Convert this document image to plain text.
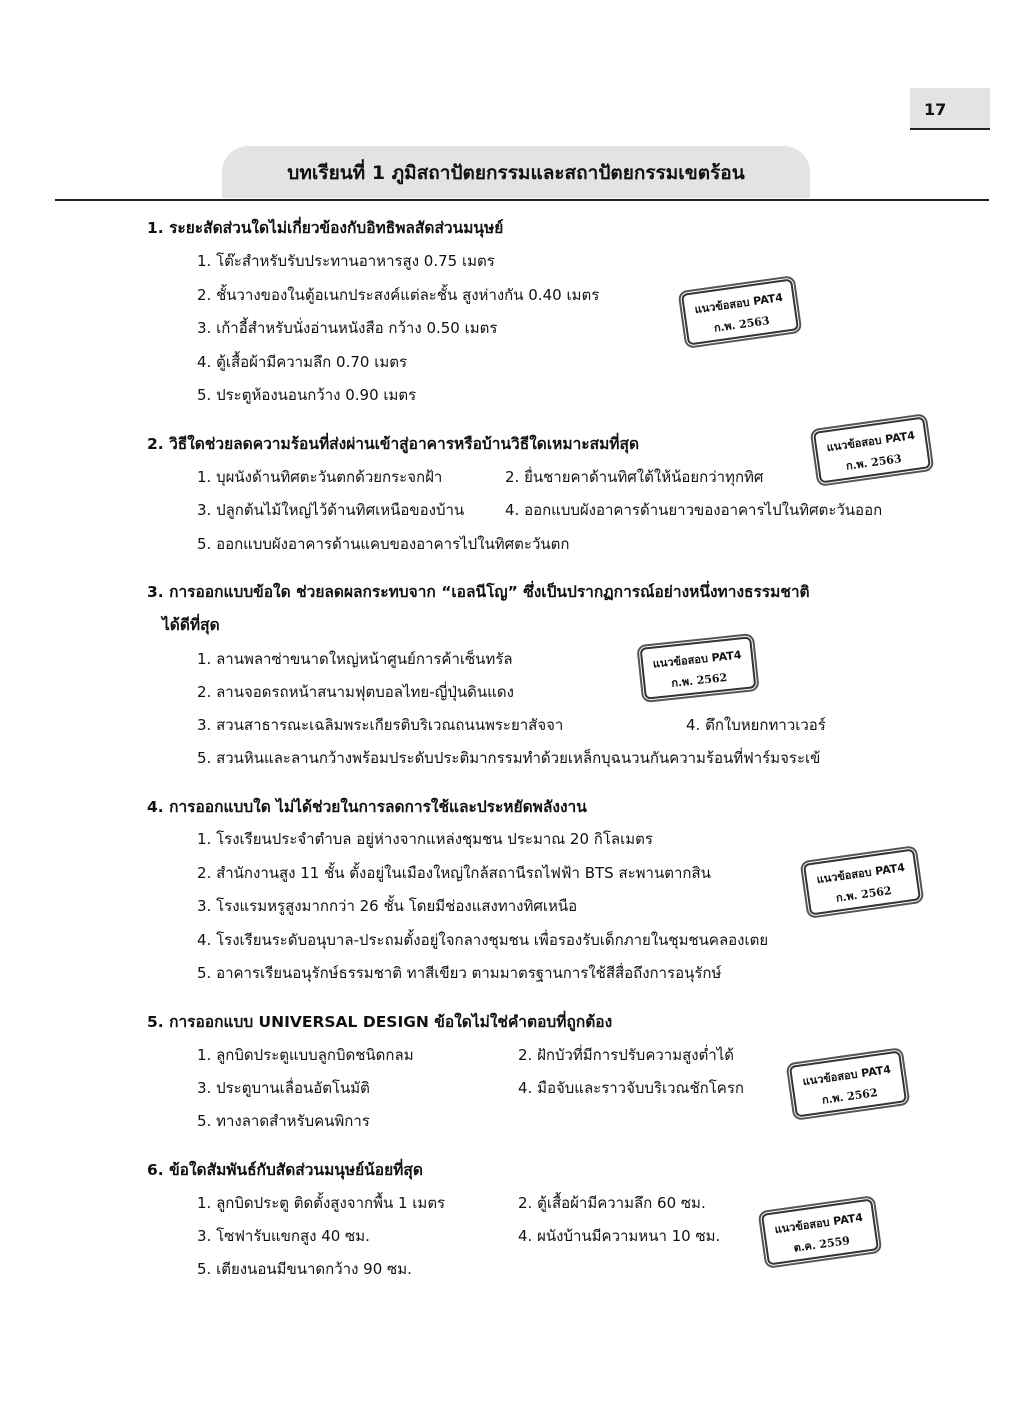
17
บทเรียนที่ 1 ภูมิสถาปัตยกรรมและสถาปัตยกรรมเขตร้อน
1. ระยะสัดส่วนใดไม่เกี่ยวข้องกับอิทธิพลสัดส่วนมนุษย์
1. โต๊ะสำหรับรับประทานอาหารสูง 0.75 เมตร
2. ชั้นวางของในตู้อเนกประสงค์แต่ละชั้น สูงห่างกัน 0.40 เมตร
3. เก้าอี้สำหรับนั่งอ่านหนังสือ กว้าง 0.50 เมตร
4. ตู้เสื้อผ้ามีความลึก 0.70 เมตร
5. ประตูห้องนอนกว้าง 0.90 เมตร
แนวข้อสอบ PAT4
ก.พ. 2563
2. วิธีใดช่วยลดความร้อนที่ส่งผ่านเข้าสู่อาคารหรือบ้านวิธีใดเหมาะสมที่สุด
1. บุผนังด้านทิศตะวันตกด้วยกระจกฝ้า	2. ยื่นชายคาด้านทิศใต้ให้น้อยกว่าทุกทิศ
3. ปลูกต้นไม้ใหญ่ไว้ด้านทิศเหนือของบ้าน	4. ออกแบบผังอาคารด้านยาวของอาคารไปในทิศตะวันออก
5. ออกแบบผังอาคารด้านแคบของอาคารไปในทิศตะวันตก
แนวข้อสอบ PAT4
ก.พ. 2563
3. การออกแบบข้อใด ช่วยลดผลกระทบจาก “เอลนีโญ” ซึ่งเป็นปรากฏการณ์อย่างหนึ่งทางธรรมชาติ
ได้ดีที่สุด
1. ลานพลาซ่าขนาดใหญ่หน้าศูนย์การค้าเซ็นทรัล
2. ลานจอดรถหน้าสนามฟุตบอลไทย-ญี่ปุ่นดินแดง
3. สวนสาธารณะเฉลิมพระเกียรติบริเวณถนนพระยาสัจจา	4. ตึกใบหยกทาวเวอร์
5. สวนหินและลานกว้างพร้อมประดับประติมากรรมทำด้วยเหล็กบุฉนวนกันความร้อนที่ฟาร์มจระเข้
แนวข้อสอบ PAT4
ก.พ. 2562
4. การออกแบบใด ไม่ได้ช่วยในการลดการใช้และประหยัดพลังงาน
1. โรงเรียนประจำตำบล อยู่ห่างจากแหล่งชุมชน ประมาณ 20 กิโลเมตร
2. สำนักงานสูง 11 ชั้น ตั้งอยู่ในเมืองใหญ่ใกล้สถานีรถไฟฟ้า BTS สะพานตากสิน
3. โรงแรมหรูสูงมากกว่า 26 ชั้น โดยมีช่องแสงทางทิศเหนือ
4. โรงเรียนระดับอนุบาล-ประถมตั้งอยู่ใจกลางชุมชน เพื่อรองรับเด็กภายในชุมชนคลองเตย
5. อาคารเรียนอนุรักษ์ธรรมชาติ ทาสีเขียว ตามมาตรฐานการใช้สีสื่อถึงการอนุรักษ์
แนวข้อสอบ PAT4
ก.พ. 2562
5. การออกแบบ UNIVERSAL DESIGN ข้อใดไม่ใช่คำตอบที่ถูกต้อง
1. ลูกบิดประตูแบบลูกบิดชนิดกลม	2. ฝักบัวที่มีการปรับความสูงต่ำได้
3. ประตูบานเลื่อนอัตโนมัติ	4. มือจับและราวจับบริเวณชักโครก
5. ทางลาดสำหรับคนพิการ
แนวข้อสอบ PAT4
ก.พ. 2562
6. ข้อใดสัมพันธ์กับสัดส่วนมนุษย์น้อยที่สุด
1. ลูกบิดประตู ติดตั้งสูงจากพื้น 1 เมตร	2. ตู้เสื้อผ้ามีความลึก 60 ซม.
3. โซฟารับแขกสูง 40 ซม.	4. ผนังบ้านมีความหนา 10 ซม.
5. เตียงนอนมีขนาดกว้าง 90 ซม.
แนวข้อสอบ PAT4
ต.ค. 2559
